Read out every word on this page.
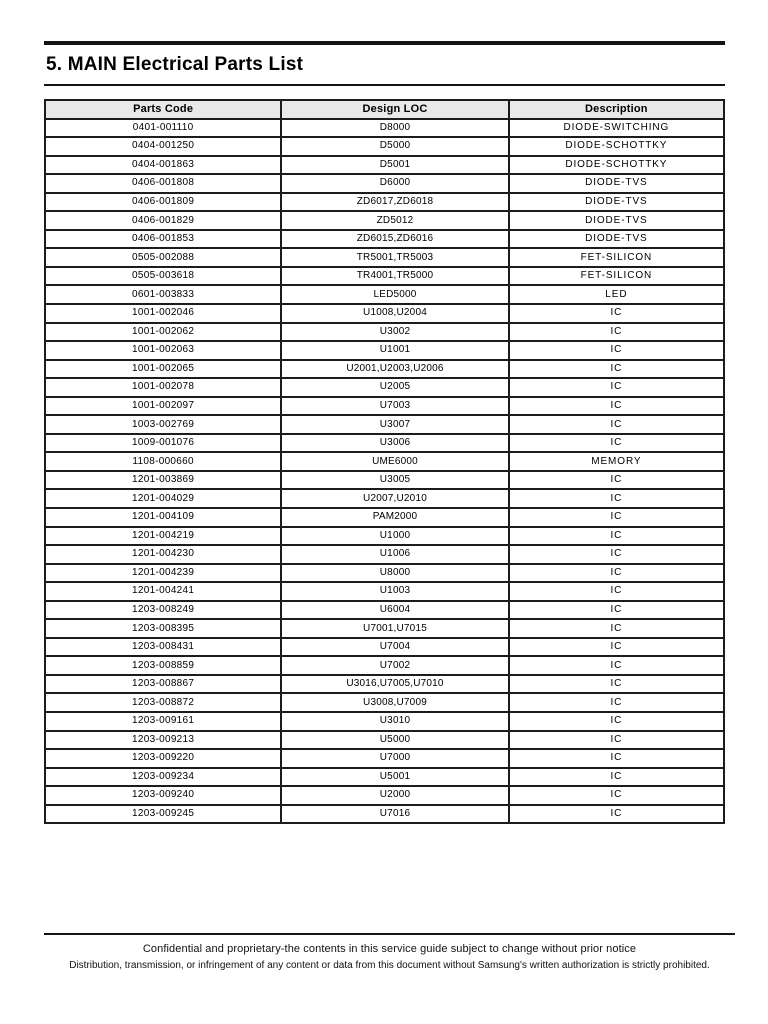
5. MAIN Electrical Parts List
Parts Code	Design LOC	Description
0401-001110	D8000	DIODE-SWITCHING
0404-001250	D5000	DIODE-SCHOTTKY
0404-001863	D5001	DIODE-SCHOTTKY
0406-001808	D6000	DIODE-TVS
0406-001809	ZD6017,ZD6018	DIODE-TVS
0406-001829	ZD5012	DIODE-TVS
0406-001853	ZD6015,ZD6016	DIODE-TVS
0505-002088	TR5001,TR5003	FET-SILICON
0505-003618	TR4001,TR5000	FET-SILICON
0601-003833	LED5000	LED
1001-002046	U1008,U2004	IC
1001-002062	U3002	IC
1001-002063	U1001	IC
1001-002065	U2001,U2003,U2006	IC
1001-002078	U2005	IC
1001-002097	U7003	IC
1003-002769	U3007	IC
1009-001076	U3006	IC
1108-000660	UME6000	MEMORY
1201-003869	U3005	IC
1201-004029	U2007,U2010	IC
1201-004109	PAM2000	IC
1201-004219	U1000	IC
1201-004230	U1006	IC
1201-004239	U8000	IC
1201-004241	U1003	IC
1203-008249	U6004	IC
1203-008395	U7001,U7015	IC
1203-008431	U7004	IC
1203-008859	U7002	IC
1203-008867	U3016,U7005,U7010	IC
1203-008872	U3008,U7009	IC
1203-009161	U3010	IC
1203-009213	U5000	IC
1203-009220	U7000	IC
1203-009234	U5001	IC
1203-009240	U2000	IC
1203-009245	U7016	IC

Confidential and proprietary-the contents in this service guide subject to change without prior notice

Distribution, transmission, or infringement of any content or data from this document without Samsung's written authorization is strictly prohibited.
